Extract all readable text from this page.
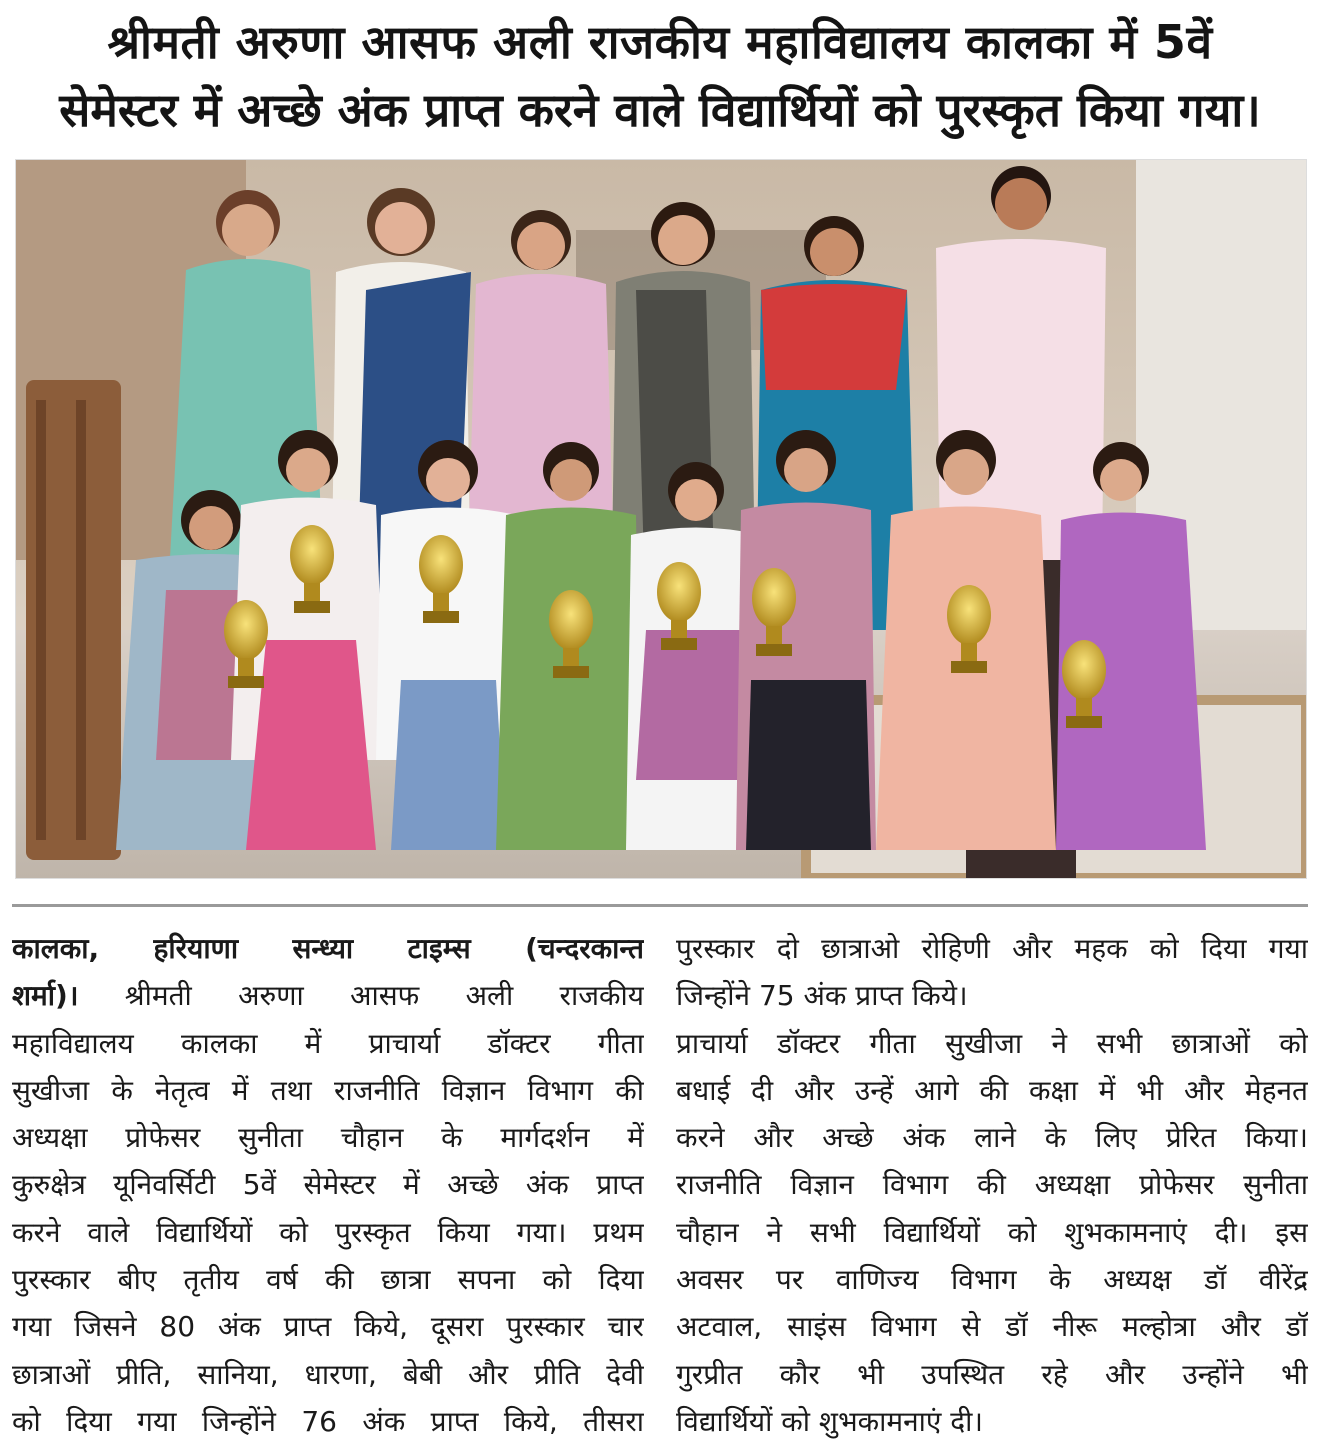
श्रीमती अरुणा आसफ अली राजकीय महाविद्यालय कालका में 5वें
सेमेस्टर में अच्छे अंक प्राप्त करने वाले विद्यार्थियों को पुरस्कृत किया गया।
कालका, हरियाणा सन्ध्या टाइम्स (चन्दरकान्त
शर्मा)। श्रीमती अरुणा आसफ अली राजकीय
महाविद्यालय कालका में प्राचार्या डॉक्टर गीता
सुखीजा के नेतृत्व में तथा राजनीति विज्ञान विभाग की
अध्यक्षा प्रोफेसर सुनीता चौहान के मार्गदर्शन में
कुरुक्षेत्र यूनिवर्सिटी 5वें सेमेस्टर में अच्छे अंक प्राप्त
करने वाले विद्यार्थियों को पुरस्कृत किया गया। प्रथम
पुरस्कार बीए तृतीय वर्ष की छात्रा सपना को दिया
गया जिसने 80 अंक प्राप्त किये, दूसरा पुरस्कार चार
छात्राओं प्रीति, सानिया, धारणा, बेबी और प्रीति देवी
को दिया गया जिन्होंने 76 अंक प्राप्त किये, तीसरा
पुरस्कार दो छात्राओ रोहिणी और महक को दिया गया
जिन्होंने 75 अंक प्राप्त किये।
प्राचार्या डॉक्टर गीता सुखीजा ने सभी छात्राओं को
बधाई दी और उन्हें आगे की कक्षा में भी और मेहनत
करने और अच्छे अंक लाने के लिए प्रेरित किया।
राजनीति विज्ञान विभाग की अध्यक्षा प्रोफेसर सुनीता
चौहान ने सभी विद्यार्थियों को शुभकामनाएं दी। इस
अवसर पर वाणिज्य विभाग के अध्यक्ष डॉ वीरेंद्र
अटवाल, साइंस विभाग से डॉ नीरू मल्होत्रा और डॉ
गुरप्रीत कौर भी उपस्थित रहे और उन्होंने भी
विद्यार्थियों को शुभकामनाएं दी।
